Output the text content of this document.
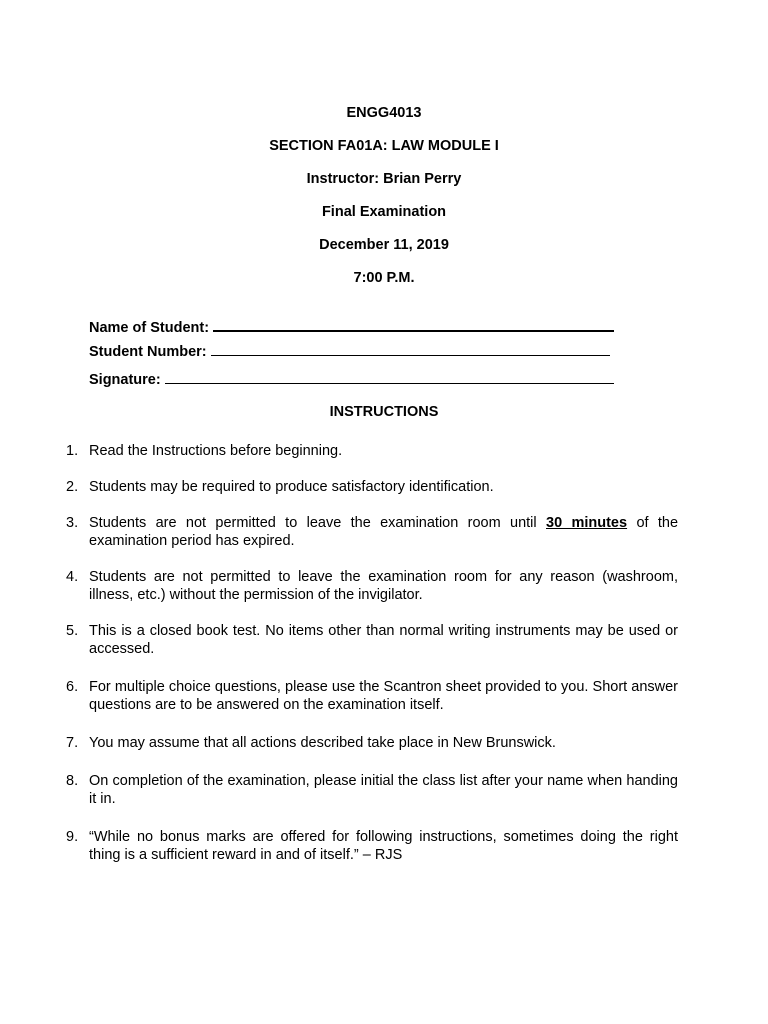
ENGG4013
SECTION FA01A: LAW MODULE I
Instructor: Brian Perry
Final Examination
December 11, 2019
7:00 P.M.
Name of Student:
Student Number:
Signature:
INSTRUCTIONS
1. Read the Instructions before beginning.
2. Students may be required to produce satisfactory identification.
3. Students are not permitted to leave the examination room until 30 minutes of the examination period has expired.
4. Students are not permitted to leave the examination room for any reason (washroom, illness, etc.) without the permission of the invigilator.
5. This is a closed book test. No items other than normal writing instruments may be used or accessed.
6. For multiple choice questions, please use the Scantron sheet provided to you. Short answer questions are to be answered on the examination itself.
7. You may assume that all actions described take place in New Brunswick.
8. On completion of the examination, please initial the class list after your name when handing it in.
9. “While no bonus marks are offered for following instructions, sometimes doing the right thing is a sufficient reward in and of itself.” – RJS
